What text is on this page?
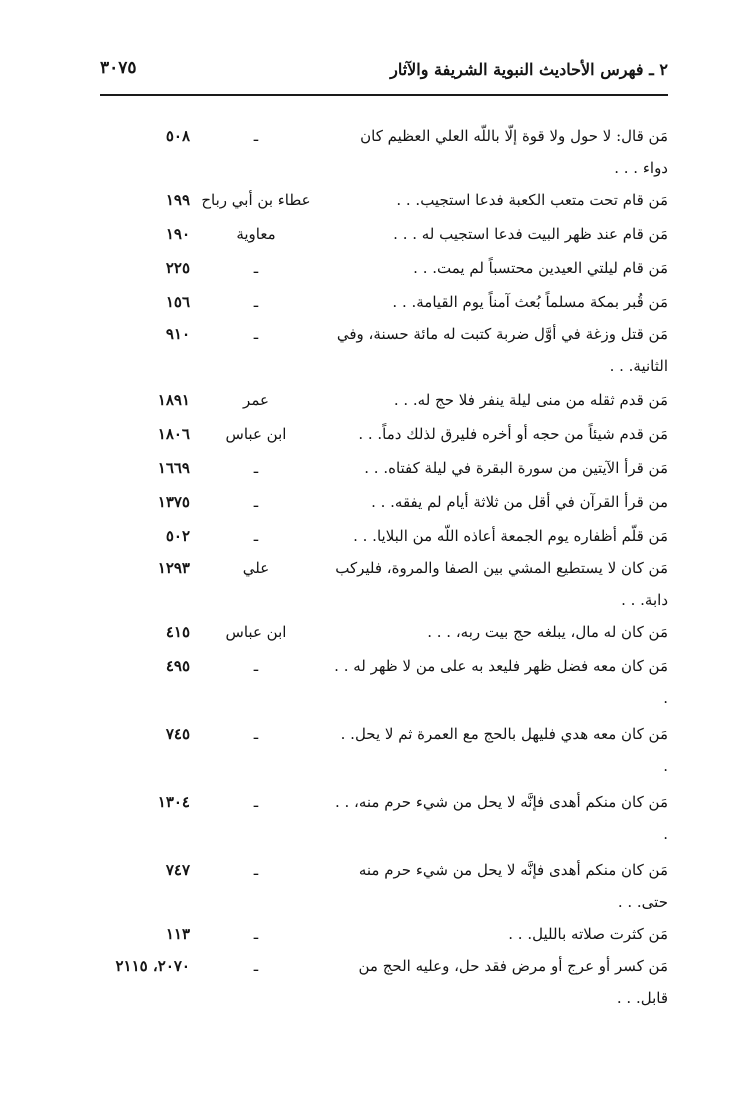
٢ ـ فهرس الأحاديث النبوية الشريفة والآثار
٣٠٧٥
مَن قال: لا حول ولا قوة إلّا باللّه العلي العظيم كان دواء . . .
ـ
٥٠٨
مَن قام تحت متعب الكعبة فدعا استجيب. . .
عطاء بن أبي رباح
١٩٩
مَن قام عند ظهر البيت فدعا استجيب له . . .
معاوية
١٩٠
مَن قام ليلتي العيدين محتسباً لم يمت. . .
ـ
٢٢٥
مَن قُبر بمكة مسلماً بُعث آمناً يوم القيامة. . .
ـ
١٥٦
مَن قتل وزغة في أوَّل ضربة كتبت له مائة حسنة، وفي الثانية. . .
ـ
٩١٠
مَن قدم ثقله من منى ليلة ينفر فلا حج له. . .
عمر
١٨٩١
مَن قدم شيئاً من حجه أو أخره فليرق لذلك دماً. . .
ابن عباس
١٨٠٦
مَن قرأ الآيتين من سورة البقرة في ليلة كفتاه. . .
ـ
١٦٦٩
من قرأ القرآن في أقل من ثلاثة أيام لم يفقه. . .
ـ
١٣٧٥
مَن قلّم أظفاره يوم الجمعة أعاذه اللّه من البلايا. . .
ـ
٥٠٢
مَن كان لا يستطيع المشي بين الصفا والمروة، فليركب دابة. . .
علي
١٢٩٣
مَن كان له مال، يبلغه حج بيت ربه، . . .
ابن عباس
٤١٥
مَن كان معه فضل ظهر فليعد به على من لا ظهر له . . .
ـ
٤٩٥
مَن كان معه هدي فليهل بالحج مع العمرة ثم لا يحل. . .
ـ
٧٤٥
مَن كان منكم أهدى فإنَّه لا يحل من شيء حرم منه، . . .
ـ
١٣٠٤
مَن كان منكم أهدى فإنَّه لا يحل من شيء حرم منه حتى. . .
ـ
٧٤٧
مَن كثرت صلاته بالليل. . .
ـ
١١٣
مَن كسر أو عرج أو مرض فقد حل، وعليه الحج من قابل. . .
ـ
٢٠٧٠، ٢١١٥
